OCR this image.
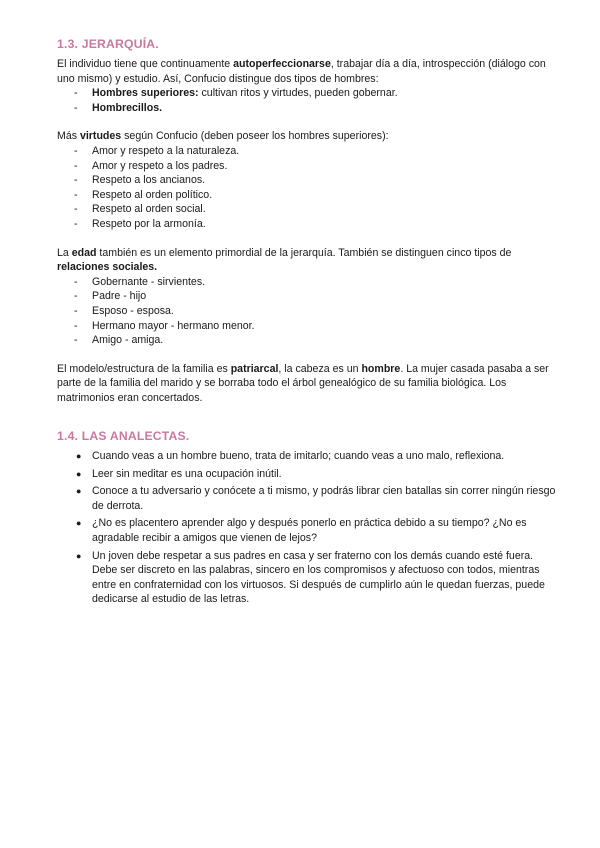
1.3. JERARQUÍA.

El individuo tiene que continuamente autoperfeccionarse, trabajar día a día, introspección (diálogo con uno mismo) y estudio. Así, Confucio distingue dos tipos de hombres:

- Hombres superiores: cultivan ritos y virtudes, pueden gobernar.
- Hombrecillos.

Más virtudes según Confucio (deben poseer los hombres superiores):

- Amor y respeto a la naturaleza.
- Amor y respeto a los padres.
- Respeto a los ancianos.
- Respeto al orden político.
- Respeto al orden social.
- Respeto por la armonía.

La edad también es un elemento primordial de la jerarquía. También se distinguen cinco tipos de relaciones sociales.

- Gobernante - sirvientes.
- Padre - hijo
- Esposo - esposa.
- Hermano mayor - hermano menor.
- Amigo - amiga.

El modelo/estructura de la familia es patriarcal, la cabeza es un hombre. La mujer casada pasaba a ser parte de la familia del marido y se borraba todo el árbol genealógico de su familia biológica. Los matrimonios eran concertados.

1.4. LAS ANALECTAS.
● Cuando veas a un hombre bueno, trata de imitarlo; cuando veas a uno malo, reflexiona.
● Leer sin meditar es una ocupación inútil.
● Conoce a tu adversario y conócete a ti mismo, y podrás librar cien batallas sin correr ningún riesgo de derrota.
● ¿No es placentero aprender algo y después ponerlo en práctica debido a su tiempo? ¿No es agradable recibir a amigos que vienen de lejos?
● Un joven debe respetar a sus padres en casa y ser fraterno con los demás cuando esté fuera. Debe ser discreto en las palabras, sincero en los compromisos y afectuoso con todos, mientras entre en confraternidad con los virtuosos. Si después de cumplirlo aún le quedan fuerzas, puede dedicarse al estudio de las letras.
